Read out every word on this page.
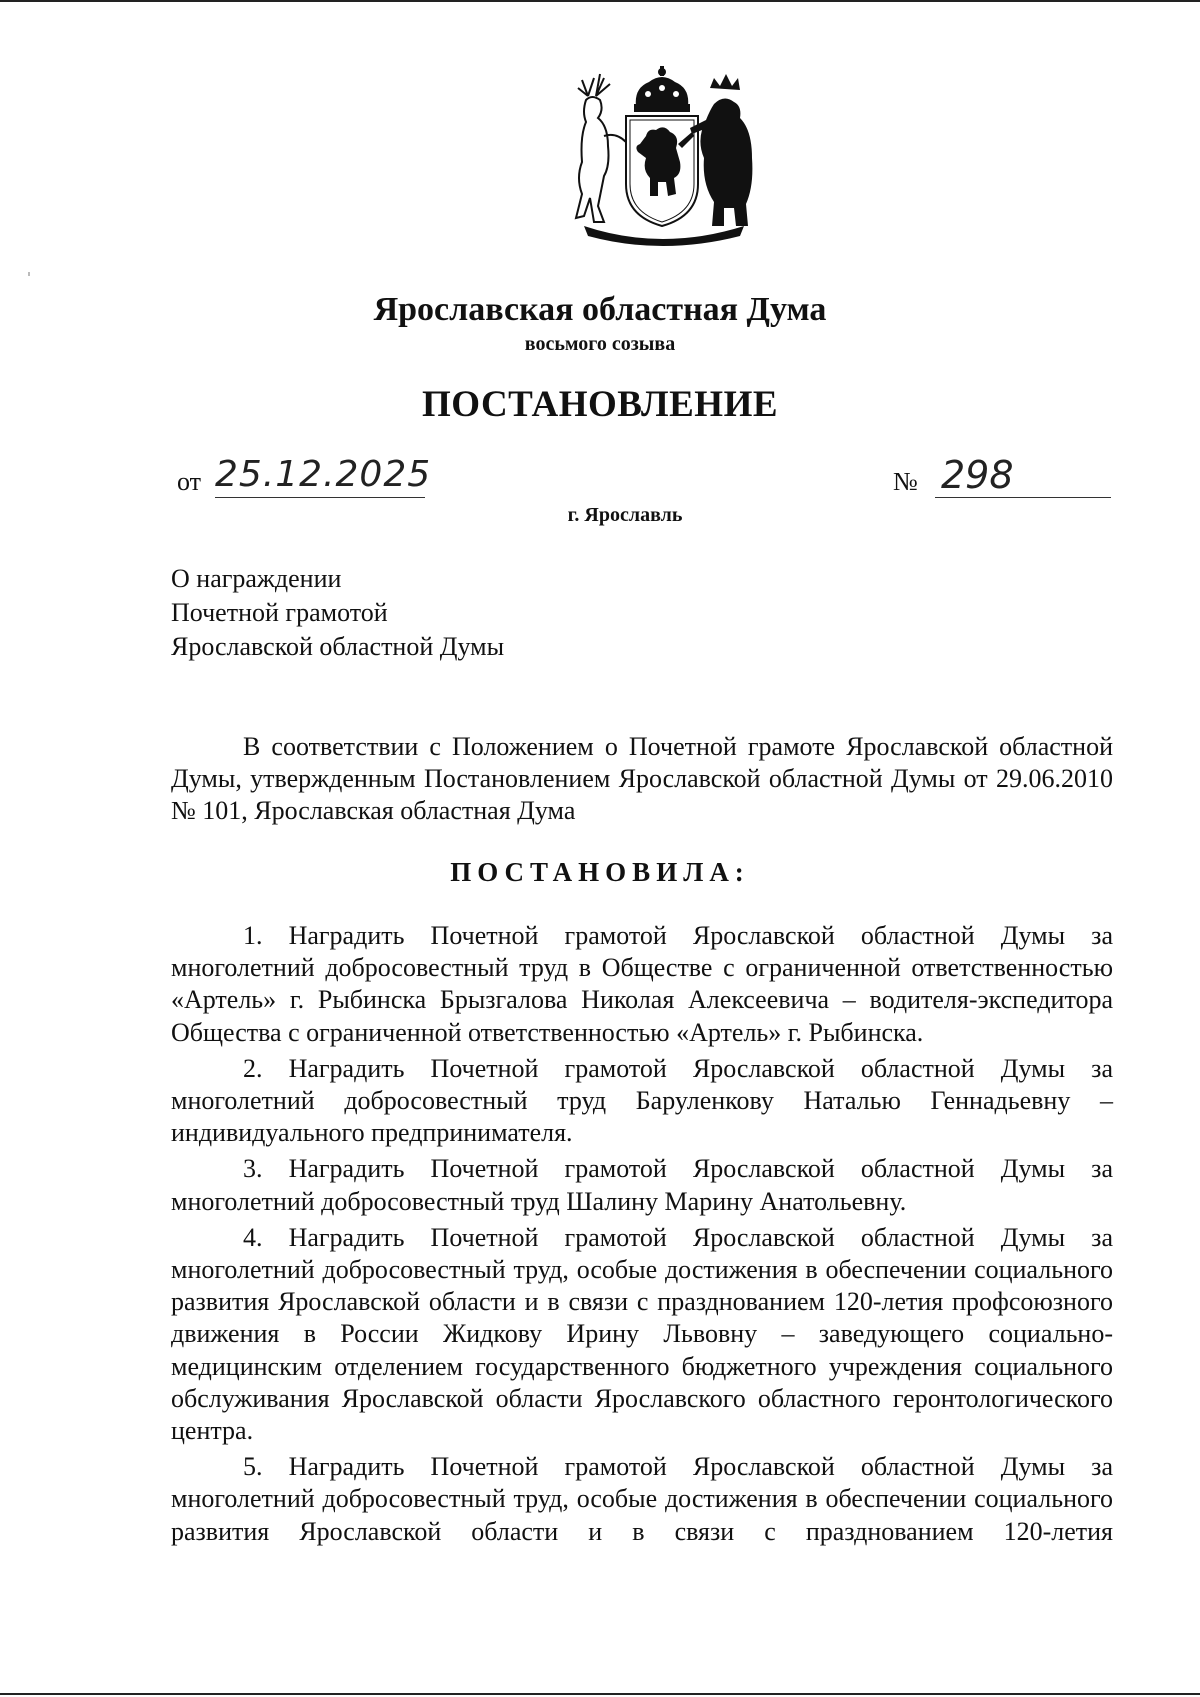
Ярославская областная Дума
восьмого созыва
ПОСТАНОВЛЕНИЕ
от 25.12.2025	№ 298
г. Ярославль
О награждении
Почетной грамотой
Ярославской областной Думы

В соответствии с Положением о Почетной грамоте Ярославской областной Думы, утвержденным Постановлением Ярославской областной Думы от 29.06.2010 № 101, Ярославская областная Дума

ПОСТАНОВИЛА:

1. Наградить Почетной грамотой Ярославской областной Думы за многолетний добросовестный труд в Обществе с ограниченной ответственностью «Артель» г. Рыбинска Брызгалова Николая Алексеевича – водителя-экспедитора Общества с ограниченной ответственностью «Артель» г. Рыбинска.

2. Наградить Почетной грамотой Ярославской областной Думы за многолетний добросовестный труд Баруленкову Наталью Геннадьевну – индивидуального предпринимателя.

3. Наградить Почетной грамотой Ярославской областной Думы за многолетний добросовестный труд Шалину Марину Анатольевну.

4. Наградить Почетной грамотой Ярославской областной Думы за многолетний добросовестный труд, особые достижения в обеспечении социального развития Ярославской области и в связи с празднованием 120-летия профсоюзного движения в России Жидкову Ирину Львовну – заведующего социально-медицинским отделением государственного бюджетного учреждения социального обслуживания Ярославской области Ярославского областного геронтологического центра.

5. Наградить Почетной грамотой Ярославской областной Думы за многолетний добросовестный труд, особые достижения в обеспечении социального развития Ярославской области и в связи с празднованием 120-летия
